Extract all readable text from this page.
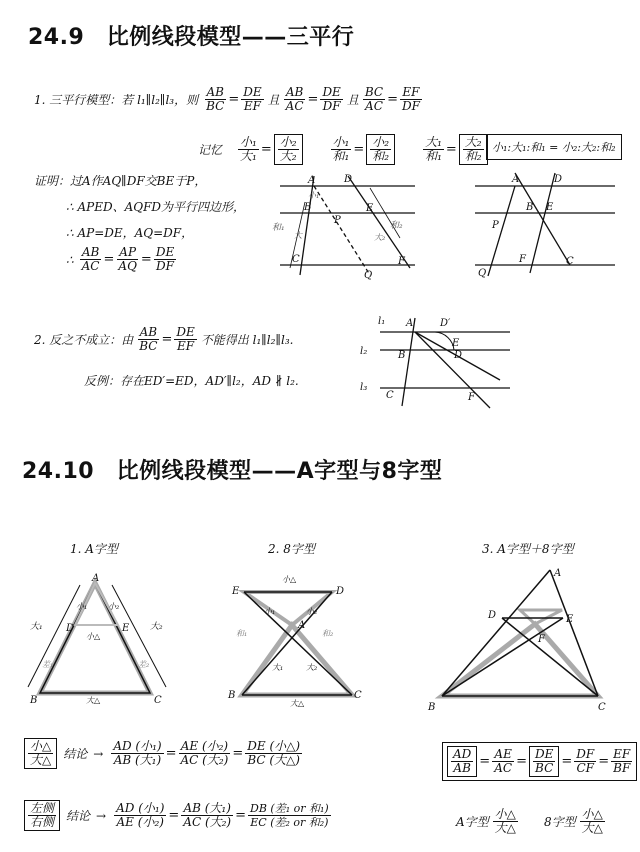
24.9　比例线段模型——三平行
1. 三平行模型：若 l₁∥l₂∥l₃，则 $\frac{AB}{BC} = \frac{DE}{EF}$ 且 $\frac{AB}{AC} = \frac{DE}{DF}$ 且 $\frac{BC}{AC} = \frac{EF}{DF}$
记忆 $\frac{\text{小₁}}{\text{大₁}} = \frac{\text{小₂}}{\text{大₂}} \frac{\text{小₁}}{\text{和₁}} = \frac{\text{小₂}}{\text{和₂}} \frac{\text{大₁}}{\text{和₁}} = \frac{\text{大₂}}{\text{和₂}}$ 小₁:大₁:和₁ = 小₂:大₂:和₂
证明：过A作AQ∥DF交BE于P，
∴ APED、AQFD为平行四边形，
∴ AP=DE，AQ=DF，
∴ $\frac{AB}{AC} = \frac{AP}{AQ} = \frac{DE}{DF}$
A	D
B	E
P
C	F
Q
和₁	和₂
小₁
大₂
大
A	D
B E
P
F	C
Q
2. 反之不成立：由 $\frac{AB}{BC} = \frac{DE}{EF}$ 不能得出 l₁∥l₂∥l₃.
反例：存在ED′=ED，AD′∥l₂，AD ∦ l₂.
l₁
l₂
l₃
A	D′
E
B	D
C	F
24.10　比例线段模型——A字型与8字型
1. A字型	2. 8字型	3. A字型＋8字型
A
B	C
D	E
小₁	小₂
小△
大△
大₁	大₂
差₁	差₂
E	D
A
B	C
小△
小₁	小₂
大₁	大₂
大△
和₁	和₂
A
D	E
F
B	C
$\frac{\text{小△}}{\text{大△}}$ 结论 → $\frac{\text{AD (小₁)}}{\text{AB (大₁)}} = \frac{\text{AE (小₂)}}{\text{AC (大₂)}} = \frac{\text{DE (小△)}}{\text{BC (大△)}}$
$\frac{\text{左侧}}{\text{右侧}}$ 结论 → $\frac{\text{AD (小₁)}}{\text{AE (小₂)}} = \frac{\text{AB (大₁)}}{\text{AC (大₂)}} = \frac{\text{DB (差₁ or 和₁)}}{\text{EC (差₂ or 和₂)}}$
$\frac{AD}{AB} = \frac{AE}{AC} = \frac{DE}{BC} = \frac{DF}{CF} = \frac{EF}{BF}$
A字型 $\frac{\text{小△}}{\text{大△}} 8$字型 $\frac{\text{小△}}{\text{大△}}$
